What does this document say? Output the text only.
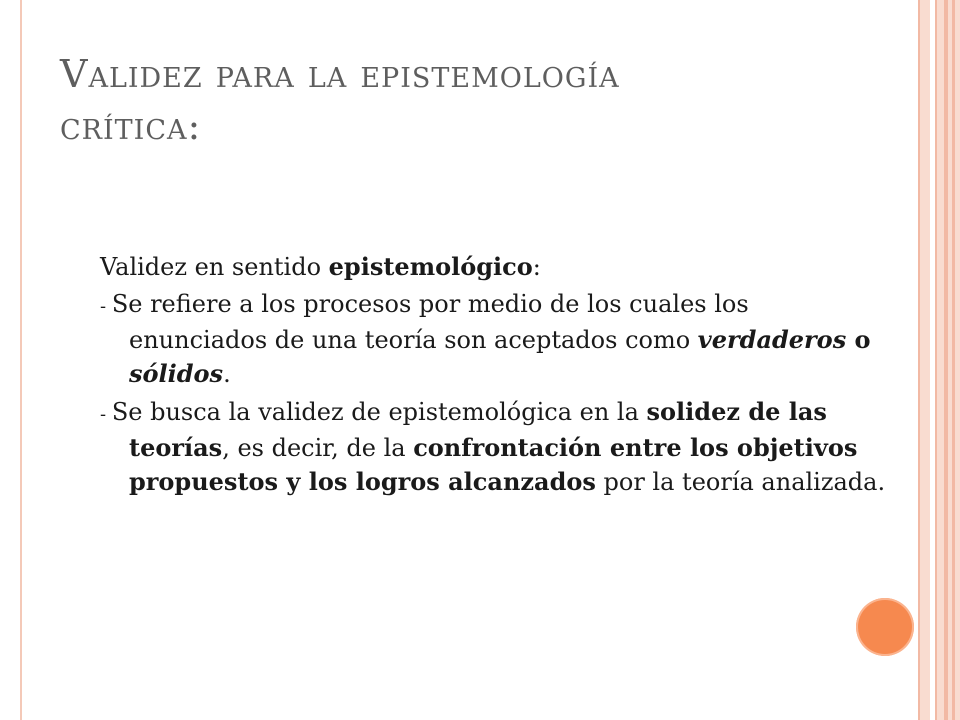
Validez para la epistemología
crítica:

Validez en sentido epistemológico:

- Se refiere a los procesos por medio de los cuales los enunciados de una teoría son aceptados como verdaderos o sólidos.

- Se busca la validez de epistemológica en la solidez de las teorías, es decir, de la confrontación entre los objetivos propuestos y los logros alcanzados por la teoría analizada.
